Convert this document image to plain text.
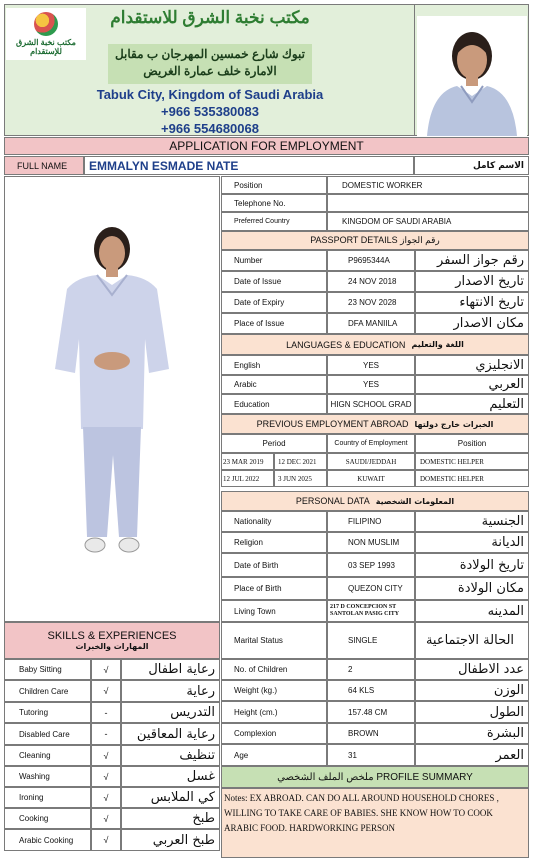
مكتب نخبة الشرق للإستقدام
مكتب نخبة الشرق للاستقدام
تبوك شارع خمسين المهرجان ب مقابل
الامارة خلف عمارة الغريض
Tabuk City, Kingdom of Saudi Arabia
+966 535380083
+966 554680068
APPLICATION FOR EMPLOYMENT
FULL NAME	EMMALYN ESMADE NATE	الاسم كامل
Position	DOMESTIC WORKER
Telephone No.
Preferred Country	KINGDOM OF SAUDI ARABIA
PASSPORT DETAILS رقم الجواز
Number	P9695344A	رقم جواز السفر
Date of Issue	24 NOV 2018	تاريخ الاصدار
Date of Expiry	23 NOV 2028	تاريخ الانتهاء
Place of Issue	DFA MANIILA	مكان الاصدار
LANGUAGES & EDUCATION اللغة والتعليم
English	YES	الانجليزي
Arabic	YES	العربي
Education	HIGN SCHOOL GRAD	التعليم
PREVIOUS EMPLOYMENT ABROAD الخبرات خارج دولتها
Period	Country of Employment	Position
23 MAR 2019	12 DEC 2021	SAUDI/JEDDAH	DOMESTIC HELPER
12 JUL 2022	3 JUN 2025	KUWAIT	DOMESTIC HELPER
PERSONAL DATA المعلومات الشخصية
Nationality	FILIPINO	الجنسية
Religion	NON MUSLIM	الديانة
Date of Birth	03 SEP 1993	تاريخ الولادة
Place of Birth	QUEZON CITY	مكان الولادة
Living Town	217 D CONCEPCION ST SANTOLAN PASIG CITY	المدينه
Marital Status	SINGLE	الحالة الاجتماعية
No. of Children	2	عدد الاطفال
Weight (kg.)	64 KLS	الوزن
Height (cm.)	157.48 CM	الطول
Complexion	BROWN	البشرة
Age	31	العمر
SKILLS & EXPERIENCES
المهارات والخبرات
Baby Sitting	√	رعاية اطفال
Children Care	√	رعاية
Tutoring	-	التدريس
Disabled Care	-	رعاية المعاقين
Cleaning	√	تنظيف
Washing	√	غسل
Ironing	√	كي الملابس
Cooking	√	طبخ
Arabic Cooking	√	طبخ العربي
ملخص الملف الشخصي PROFILE SUMMARY
Notes: EX ABROAD. CAN DO ALL AROUND HOUSEHOLD CHORES , WILLING TO TAKE CARE OF BABIES. SHE KNOW HOW TO COOK ARABIC FOOD. HARDWORKING PERSON
